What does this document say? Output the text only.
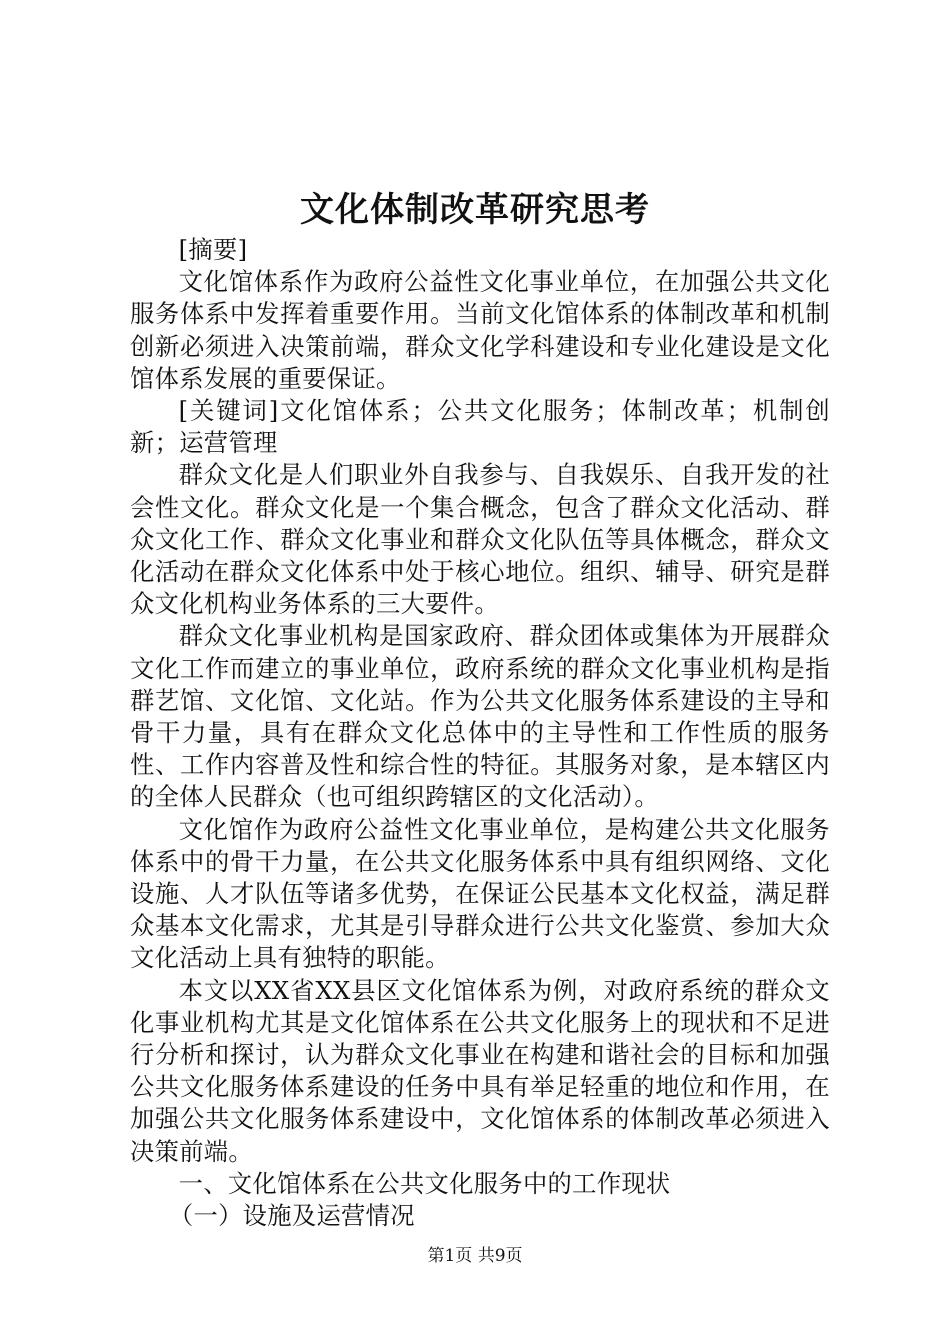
文化体制改革研究思考

[摘要]

文化馆体系作为政府公益性文化事业单位，在加强公共文化服务体系中发挥着重要作用。当前文化馆体系的体制改革和机制创新必须进入决策前端，群众文化学科建设和专业化建设是文化馆体系发展的重要保证。

[关键词]文化馆体系；公共文化服务；体制改革；机制创新；运营管理

群众文化是人们职业外自我参与、自我娱乐、自我开发的社会性文化。群众文化是一个集合概念，包含了群众文化活动、群众文化工作、群众文化事业和群众文化队伍等具体概念，群众文化活动在群众文化体系中处于核心地位。组织、辅导、研究是群众文化机构业务体系的三大要件。

群众文化事业机构是国家政府、群众团体或集体为开展群众文化工作而建立的事业单位，政府系统的群众文化事业机构是指群艺馆、文化馆、文化站。作为公共文化服务体系建设的主导和骨干力量，具有在群众文化总体中的主导性和工作性质的服务性、工作内容普及性和综合性的特征。其服务对象，是本辖区内的全体人民群众（也可组织跨辖区的文化活动）。

文化馆作为政府公益性文化事业单位，是构建公共文化服务体系中的骨干力量，在公共文化服务体系中具有组织网络、文化设施、人才队伍等诸多优势，在保证公民基本文化权益，满足群众基本文化需求，尤其是引导群众进行公共文化鉴赏、参加大众文化活动上具有独特的职能。

本文以XX省XX县区文化馆体系为例，对政府系统的群众文化事业机构尤其是文化馆体系在公共文化服务上的现状和不足进行分析和探讨，认为群众文化事业在构建和谐社会的目标和加强公共文化服务体系建设的任务中具有举足轻重的地位和作用，在加强公共文化服务体系建设中，文化馆体系的体制改革必须进入决策前端。

一、文化馆体系在公共文化服务中的工作现状

（一）设施及运营情况

第1页 共9页
